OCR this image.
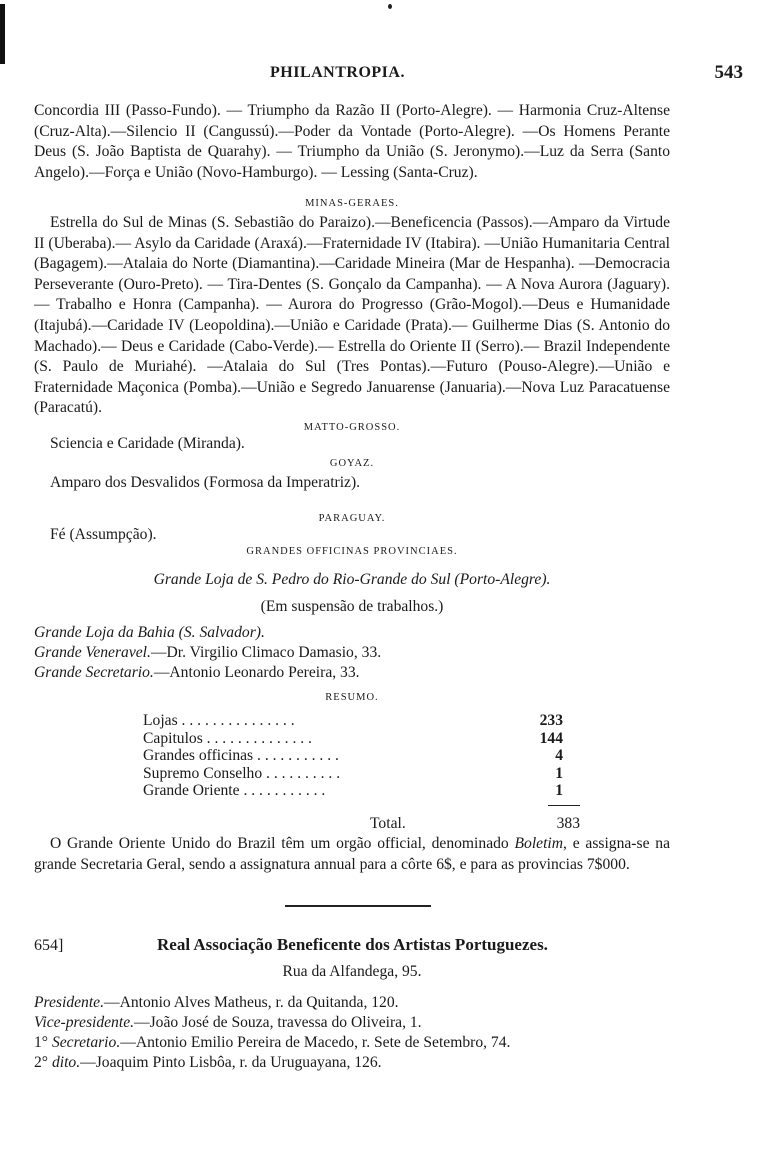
PHILANTROPIA.	543

Concordia III (Passo-Fundo). — Triumpho da Razão II (Porto-Alegre). — Harmonia Cruz-Altense (Cruz-Alta).—Silencio II (Cangussú).—Poder da Vontade (Porto-Alegre). —Os Homens Perante Deus (S. João Baptista de Quarahy). — Triumpho da União (S. Jeronymo).—Luz da Serra (Santo Angelo).—Força e União (Novo-Hamburgo). — Lessing (Santa-Cruz).

MINAS-GERAES.

Estrella do Sul de Minas (S. Sebastião do Paraizo).—Beneficencia (Passos).—Amparo da Virtude II (Uberaba).— Asylo da Caridade (Araxá).—Fraternidade IV (Itabira). —União Humanitaria Central (Bagagem).—Atalaia do Norte (Diamantina).—Caridade Mineira (Mar de Hespanha). —Democracia Perseverante (Ouro-Preto). — Tira-Dentes (S. Gonçalo da Campanha). — A Nova Aurora (Jaguary). — Trabalho e Honra (Campanha). — Aurora do Progresso (Grão-Mogol).—Deus e Humanidade (Itajubá).—Caridade IV (Leopoldina).—União e Caridade (Prata).— Guilherme Dias (S. Antonio do Machado).— Deus e Caridade (Cabo-Verde).— Estrella do Oriente II (Serro).— Brazil Independente (S. Paulo de Muriahé). —Atalaia do Sul (Tres Pontas).—Futuro (Pouso-Alegre).—União e Fraternidade Maçonica (Pomba).—União e Segredo Januarense (Januaria).—Nova Luz Paracatuense (Paracatú).

MATTO-GROSSO.

Sciencia e Caridade (Miranda).

GOYAZ.

Amparo dos Desvalidos (Formosa da Imperatriz).

PARAGUAY.

Fé (Assumpção).

GRANDES OFFICINAS PROVINCIAES.

Grande Loja de S. Pedro do Rio-Grande do Sul (Porto-Alegre).

(Em suspensão de trabalhos.)

Grande Loja da Bahia (S. Salvador).

Grande Veneravel.—Dr. Virgilio Climaco Damasio, 33.

Grande Secretario.—Antonio Leonardo Pereira, 33.

RESUMO.

Lojas . . . . . . . . . . . . . . .	233
Capitulos . . . . . . . . . . . . . .	144
Grandes officinas . . . . . . . . . . .	4
Supremo Conselho . . . . . . . . . .	1
Grande Oriente . . . . . . . . . . .	1
Total.	383

O Grande Oriente Unido do Brazil têm um orgão official, denominado Boletim, e assigna-se na grande Secretaria Geral, sendo a assignatura annual para a côrte 6$, e para as provincias 7$000.

654]	Real Associação Beneficente dos Artistas Portuguezes.

Rua da Alfandega, 95.

Presidente.—Antonio Alves Matheus, r. da Quitanda, 120.

Vice-presidente.—João José de Souza, travessa do Oliveira, 1.

1° Secretario.—Antonio Emilio Pereira de Macedo, r. Sete de Setembro, 74.

2° dito.—Joaquim Pinto Lisbôa, r. da Uruguayana, 126.
